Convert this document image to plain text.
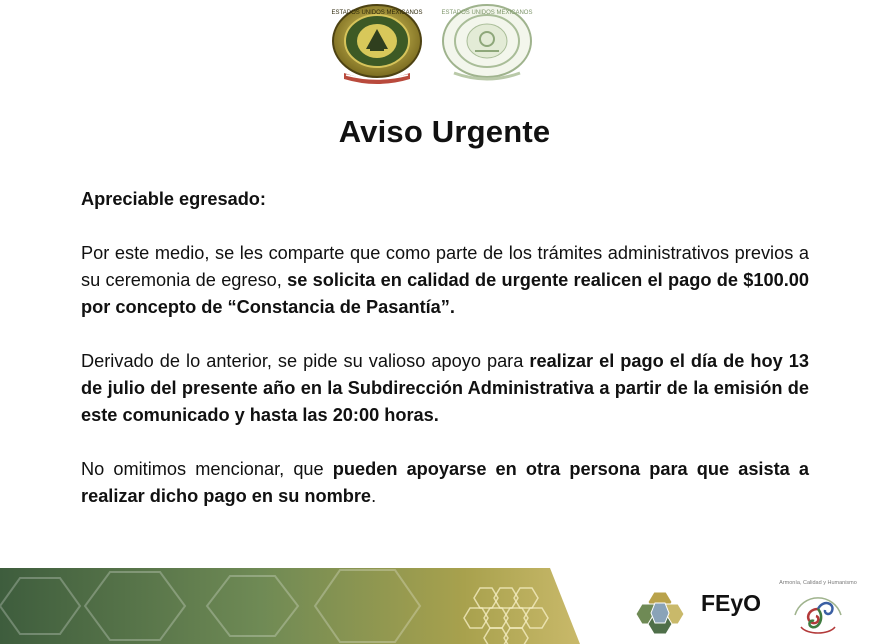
ESTADOS UNIDOS MEXICANOS	ESTADOS UNIDOS MEXICANOS
Aviso Urgente

Apreciable egresado:

Por este medio, se les comparte que como parte de los trámites administrativos previos a su ceremonia de egreso, se solicita en calidad de urgente realicen el pago de $100.00 por concepto de “Constancia de Pasantía”.

Derivado de lo anterior, se pide su valioso apoyo para realizar el pago el día de hoy 13 de julio del presente año en la Subdirección Administrativa a partir de la emisión de este comunicado y hasta las 20:00 horas.

No omitimos mencionar, que pueden apoyarse en otra persona para que asista a realizar dicho pago en su nombre.

FEyO
Armonía, Calidad y Humanismo
